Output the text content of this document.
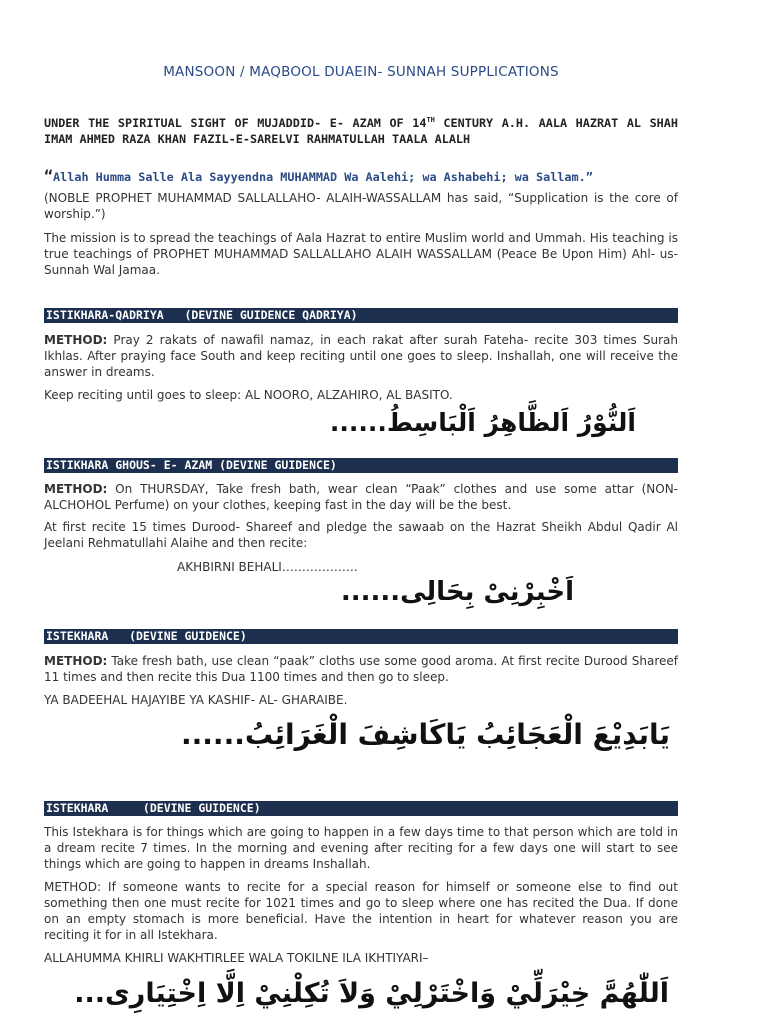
MANSOON / MAQBOOL DUAEIN- SUNNAH SUPPLICATIONS
UNDER THE SPIRITUAL SIGHT OF MUJADDID- E- AZAM OF 14TH CENTURY A.H. AALA HAZRAT AL SHAH IMAM AHMED RAZA KHAN FAZIL-E-SARELVI RAHMATULLAH TAALA ALALH
“Allah Humma Salle Ala Sayyendna MUHAMMAD Wa Aalehi; wa Ashabehi; wa Sallam.”

(NOBLE PROPHET MUHAMMAD SALLALLAHO- ALAIH-WASSALLAM has said, “Supplication is the core of worship.”)

The mission is to spread the teachings of Aala Hazrat to entire Muslim world and Ummah. His teaching is true teachings of PROPHET MUHAMMAD SALLALLAHO ALAIH WASSALLAM (Peace Be Upon Him) Ahl- us- Sunnah Wal Jamaa.

ISTIKHARA-QADRIYA   (DEVINE GUIDENCE QADRIYA)

METHOD: Pray 2 rakats of nawafil namaz, in each rakat after surah Fateha- recite 303 times Surah Ikhlas. After praying face South and keep reciting until one goes to sleep. Inshallah, one will receive the answer in dreams.

Keep reciting until goes to sleep: AL NOORO, ALZAHIRO, AL BASITO.

اَلنُّوْرُ اَلظَّاهِرُ اَلْبَاسِطُ......
ISTIKHARA GHOUS- E- AZAM (DEVINE GUIDENCE)

METHOD: On THURSDAY, Take fresh bath, wear clean “Paak” clothes and use some attar (NON- ALCHOHOL Perfume) on your clothes, keeping fast in the day will be the best.

At first recite 15 times Durood- Shareef and pledge the sawaab on the Hazrat Sheikh Abdul Qadir Al Jeelani Rehmatullahi Alaihe and then recite:

AKHBIRNI BEHALI……………….
اَخْبِرْنِیْ بِحَالِی......
ISTEKHARA   (DEVINE GUIDENCE)

METHOD: Take fresh bath, use clean “paak” cloths use some good aroma. At first recite Durood Shareef 11 times and then recite this Dua 1100 times and then go to sleep.

YA BADEEHAL HAJAYIBE YA KASHIF- AL- GHARAIBE.

یَابَدِیْعَ الْعَجَائِبُ یَاکَاشِفَ الْغَرَائِبُ......
ISTEKHARA     (DEVINE GUIDENCE)

This Istekhara is for things which are going to happen in a few days time to that person which are told in a dream recite 7 times. In the morning and evening after reciting for a few days one will start to see things which are going to happen in dreams Inshallah.

METHOD: If someone wants to recite for a special reason for himself or someone else to find out something then one must recite for 1021 times and go to sleep where one has recited the Dua. If done on an empty stomach is more beneficial. Have the intention in heart for whatever reason you are reciting it for in all Istekhara.

ALLAHUMMA KHIRLI WAKHTIRLEE WALA TOKILNE ILA IKHTIYARI–

اَللّٰهُمَّ خِيْرَلِّيْ وَاخْتَرْلِيْ وَلاَ تُكِلْنِيْ اِلَّا اِخْتِيَارِی...
